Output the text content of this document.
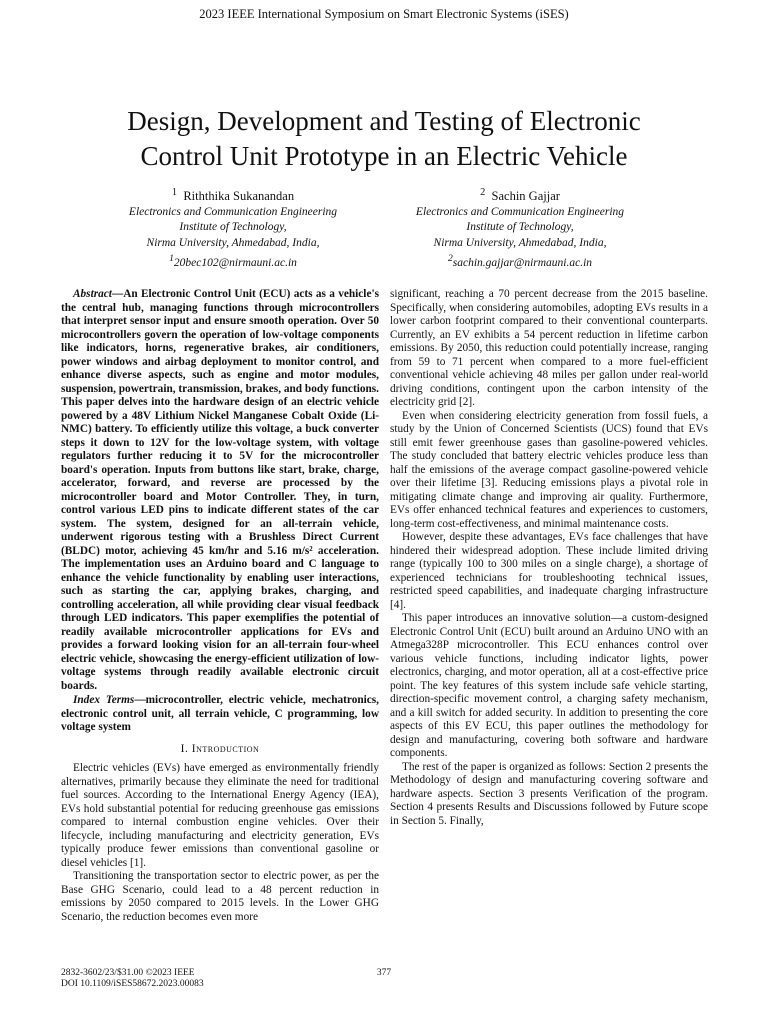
2023 IEEE International Symposium on Smart Electronic Systems (iSES)
Design, Development and Testing of Electronic
Control Unit Prototype in an Electric Vehicle
$^1$ Riththika Sukanandan
Electronics and Communication Engineering
Institute of Technology,
Nirma University, Ahmedabad, India,
$^1$20bec102@nirmauni.ac.in
$^2$ Sachin Gajjar
Electronics and Communication Engineering
Institute of Technology,
Nirma University, Ahmedabad, India,
$^2$sachin.gajjar@nirmauni.ac.in

Abstract—An Electronic Control Unit (ECU) acts as a vehicle's the central hub, managing functions through microcontrollers that interpret sensor input and ensure smooth operation. Over 50 microcontrollers govern the operation of low-voltage components like indicators, horns, regenerative brakes, air conditioners, power windows and airbag deployment to monitor control, and enhance diverse aspects, such as engine and motor modules, suspension, powertrain, transmission, brakes, and body functions. This paper delves into the hardware design of an electric vehicle powered by a 48V Lithium Nickel Manganese Cobalt Oxide (Li-NMC) battery. To efficiently utilize this voltage, a buck converter steps it down to 12V for the low-voltage system, with voltage regulators further reducing it to 5V for the microcontroller board's operation. Inputs from buttons like start, brake, charge, accelerator, forward, and reverse are processed by the microcontroller board and Motor Controller. They, in turn, control various LED pins to indicate different states of the car system. The system, designed for an all-terrain vehicle, underwent rigorous testing with a Brushless Direct Current (BLDC) motor, achieving 45 km/hr and 5.16 m/s² acceleration. The implementation uses an Arduino board and C language to enhance the vehicle functionality by enabling user interactions, such as starting the car, applying brakes, charging, and controlling acceleration, all while providing clear visual feedback through LED indicators. This paper exemplifies the potential of readily available microcontroller applications for EVs and provides a forward looking vision for an all-terrain four-wheel electric vehicle, showcasing the energy-efficient utilization of low-voltage systems through readily available electronic circuit boards.

Index Terms—microcontroller, electric vehicle, mechatronics, electronic control unit, all terrain vehicle, C programming, low voltage system

I. Introduction

Electric vehicles (EVs) have emerged as environmentally friendly alternatives, primarily because they eliminate the need for traditional fuel sources. According to the International Energy Agency (IEA), EVs hold substantial potential for reducing greenhouse gas emissions compared to internal combustion engine vehicles. Over their lifecycle, including manufacturing and electricity generation, EVs typically produce fewer emissions than conventional gasoline or diesel vehicles [1].

Transitioning the transportation sector to electric power, as per the Base GHG Scenario, could lead to a 48 percent reduction in emissions by 2050 compared to 2015 levels. In the Lower GHG Scenario, the reduction becomes even more

significant, reaching a 70 percent decrease from the 2015 baseline. Specifically, when considering automobiles, adopting EVs results in a lower carbon footprint compared to their conventional counterparts. Currently, an EV exhibits a 54 percent reduction in lifetime carbon emissions. By 2050, this reduction could potentially increase, ranging from 59 to 71 percent when compared to a more fuel-efficient conventional vehicle achieving 48 miles per gallon under real-world driving conditions, contingent upon the carbon intensity of the electricity grid [2].

Even when considering electricity generation from fossil fuels, a study by the Union of Concerned Scientists (UCS) found that EVs still emit fewer greenhouse gases than gasoline-powered vehicles. The study concluded that battery electric vehicles produce less than half the emissions of the average compact gasoline-powered vehicle over their lifetime [3]. Reducing emissions plays a pivotal role in mitigating climate change and improving air quality. Furthermore, EVs offer enhanced technical features and experiences to customers, long-term cost-effectiveness, and minimal maintenance costs.

However, despite these advantages, EVs face challenges that have hindered their widespread adoption. These include limited driving range (typically 100 to 300 miles on a single charge), a shortage of experienced technicians for troubleshooting technical issues, restricted speed capabilities, and inadequate charging infrastructure [4].

This paper introduces an innovative solution—a custom-designed Electronic Control Unit (ECU) built around an Arduino UNO with an Atmega328P microcontroller. This ECU enhances control over various vehicle functions, including indicator lights, power electronics, charging, and motor operation, all at a cost-effective price point. The key features of this system include safe vehicle starting, direction-specific movement control, a charging safety mechanism, and a kill switch for added security. In addition to presenting the core aspects of this EV ECU, this paper outlines the methodology for design and manufacturing, covering both software and hardware components.

The rest of the paper is organized as follows: Section 2 presents the Methodology of design and manufacturing covering software and hardware aspects. Section 3 presents Verification of the program. Section 4 presents Results and Discussions followed by Future scope in Section 5. Finally,

2832-3602/23/$31.00 ©2023 IEEE
DOI 10.1109/iSES58672.2023.00083
377
